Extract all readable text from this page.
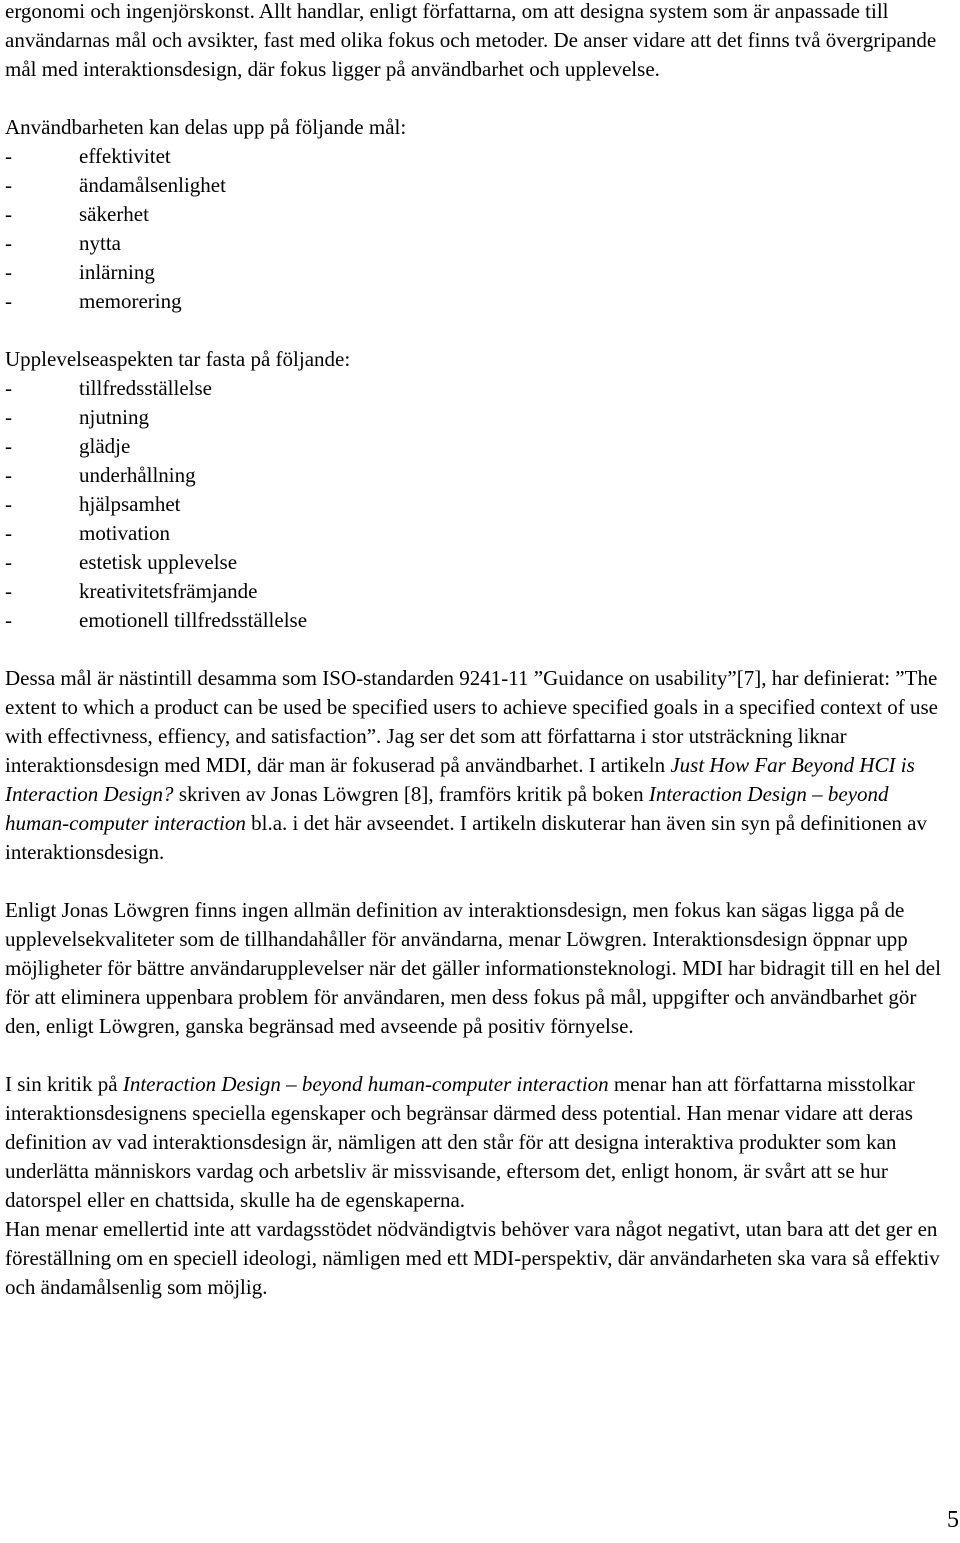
ergonomi och ingenjörskonst. Allt handlar, enligt författarna, om att designa system som är anpassade till användarnas mål och avsikter, fast med olika fokus och metoder. De anser vidare att det finns två övergripande mål med interaktionsdesign, där fokus ligger på användbarhet och upplevelse.

Användbarheten kan delas upp på följande mål:

-	effektivitet
-	ändamålsenlighet
-	säkerhet
-	nytta
-	inlärning
-	memorering

Upplevelseaspekten tar fasta på följande:

-	tillfredsställelse
-	njutning
-	glädje
-	underhållning
-	hjälpsamhet
-	motivation
-	estetisk upplevelse
-	kreativitetsfrämjande
-	emotionell tillfredsställelse

Dessa mål är nästintill desamma som ISO-standarden 9241-11 ”Guidance on usability”[7], har definierat: ”The extent to which a product can be used be specified users to achieve specified goals in a specified context of use with effectivness, effiency, and satisfaction”. Jag ser det som att författarna i stor utsträckning liknar interaktionsdesign med MDI, där man är fokuserad på användbarhet. I artikeln Just How Far Beyond HCI is Interaction Design? skriven av Jonas Löwgren [8], framförs kritik på boken Interaction Design – beyond human-computer interaction bl.a. i det här avseendet. I artikeln diskuterar han även sin syn på definitionen av interaktionsdesign.

Enligt Jonas Löwgren finns ingen allmän definition av interaktionsdesign, men fokus kan sägas ligga på de upplevelsekvaliteter som de tillhandahåller för användarna, menar Löwgren. Interaktionsdesign öppnar upp möjligheter för bättre användarupplevelser när det gäller informationsteknologi. MDI har bidragit till en hel del för att eliminera uppenbara problem för användaren, men dess fokus på mål, uppgifter och användbarhet gör den, enligt Löwgren, ganska begränsad med avseende på positiv förnyelse.

I sin kritik på Interaction Design – beyond human-computer interaction menar han att författarna misstolkar interaktionsdesignens speciella egenskaper och begränsar därmed dess potential. Han menar vidare att deras definition av vad interaktionsdesign är, nämligen att den står för att designa interaktiva produkter som kan underlätta människors vardag och arbetsliv är missvisande, eftersom det, enligt honom, är svårt att se hur datorspel eller en chattsida, skulle ha de egenskaperna.

Han menar emellertid inte att vardagsstödet nödvändigtvis behöver vara något negativt, utan bara att det ger en föreställning om en speciell ideologi, nämligen med ett MDI-perspektiv, där användarheten ska vara så effektiv och ändamålsenlig som möjlig.

5
